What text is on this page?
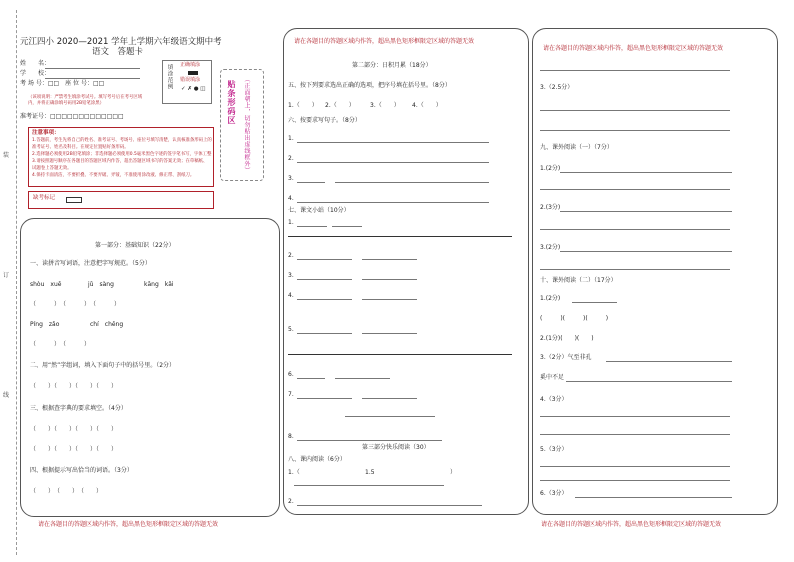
装
订
线
元江四小 2020—2021 学年上学期六年级语文期中考
语文　答题卡
姓　　名：
学　　校：
考 场 号：□□　座 位 号：□□
（该项说明：严禁考生填涂考试号。填写考号后在考号区域内，并将正确涂填号码用2B铅笔涂黑）
准考证号：□□□□□□□□□□□□□
填涂范例 正确填涂
错误填涂
✓ ✗ ● ◫
注意事项：
1.答题前，考生先将自己的姓名、准考证号、考场号、座位号填写清楚，认真核准条形码上的
准考证号、姓名及科目。在规定位置贴好条形码。
2.选择题必须使用2B铅笔填涂；非选择题必须使用0.5毫米黑色字迹的签字笔书写，字体工整
3.请按照题号顺序在各题目的答题区域内作答，超出答题区域书写的答案无效；在草稿纸、
试题卷上答题无效。
4.保持卡面清洁，不要折叠、不要弄破、弄皱，不准使用涂改液、修正带、刮纸刀。
缺考标记
贴条形码区 （正面朝上，切勿贴出虚线框外）
第一部分：基础知识（22分）
一、读拼音写词语，注意把字写规范。（5分）
shòu　xuē	jǔ　sàng	kāng　kǎi
（　　　）　（　　　）　（　　　）
Píng　zǎo	chí　chěng
（　　　）　（　　　）
二、用“然”字组词，填入下面句子中的括号里。（2分）
（　　）（　　）（　　）（　　）
三、根据查字典的要求填空。（4分）
（　　）（　　）（　　）（　　）
（　　）（　　）（　　）（　　）
四、根据提示写出恰当的词语。（3分）
（　　）　（　　）　（　　）
请在各题目的答题区域内作答，超出黑色矩形框限定区域的答题无效
请在各题目的答题区域内作答，超出黑色矩形框限定区域的答题无效
第二部分：日积月累（18分）
五、按下列要求选出正确的选项，把序号填在括号里。（8分）
1.（　　） 2.（　　）	3.（　　） 4.（　　）
六、按要求写句子。（8分）
1.
2.
3.
4.
七、课文小站（10分）
1.
2.
3.
4.
5.
6.
7.
8.
第三部分快乐阅读（30）
八、课内阅读（6分）
1.（	1.5	）
2.
请在各题目的答题区域内作答，超出黑色矩形框限定区域的答题无效
3.（2.5分）
九、课外阅读（一）（7分）
1.(2分)
2.(3分)
3.(2分)
十、课外阅读（二）（17分）
1.(2分)
(　　　)(　　　)(　　　)
2.(1分)(　　)(　　)
3.（2分）气至非孔
奚中不足
4.（3分）
5.（3分）
6.（3分）
请在各题目的答题区域内作答，超出黑色矩形框限定区域的答题无效
